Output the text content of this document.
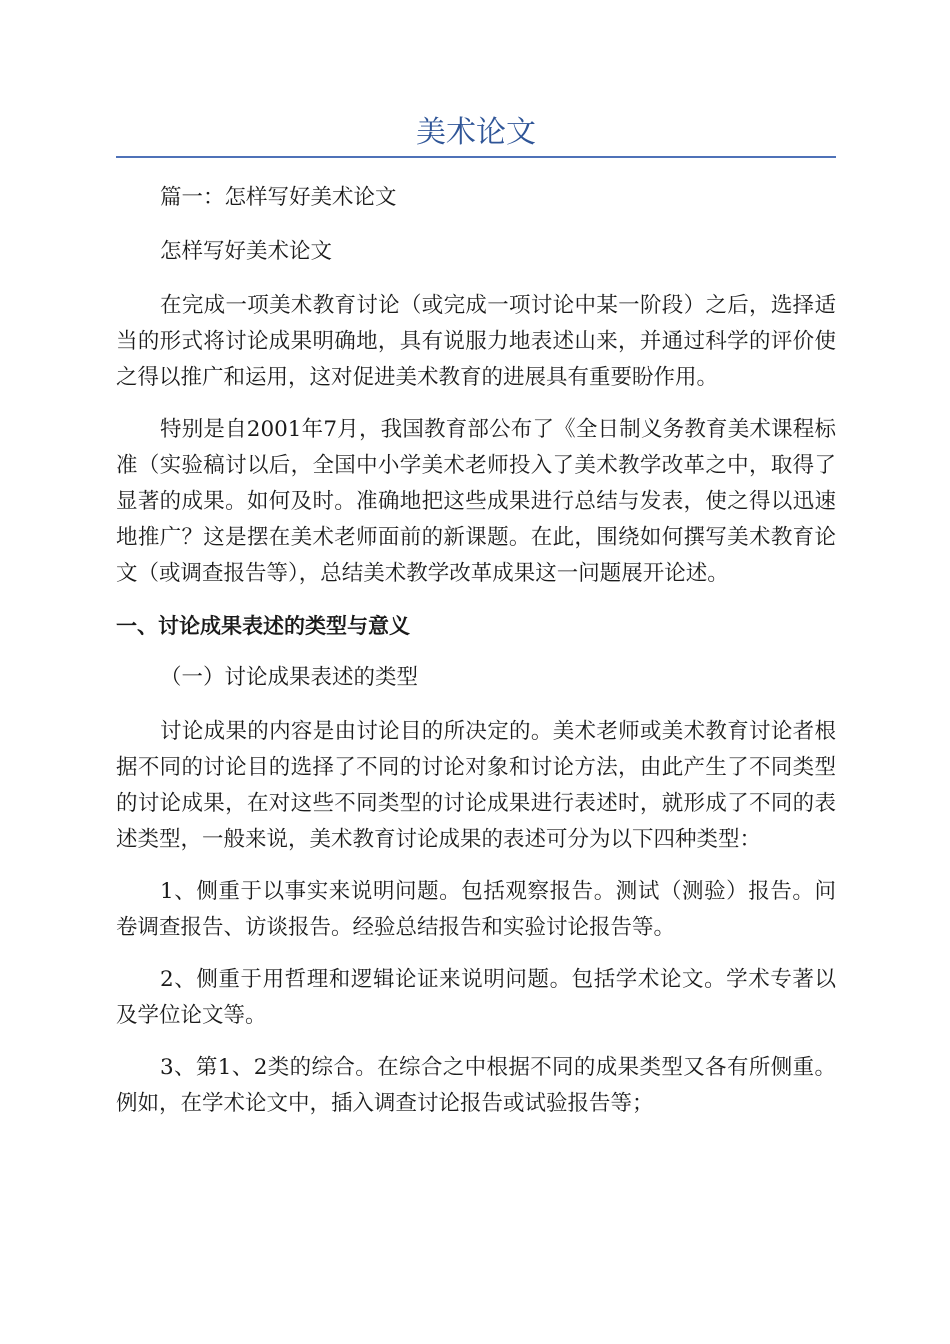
美术论文

篇一：怎样写好美术论文

怎样写好美术论文

在完成一项美术教育讨论（或完成一项讨论中某一阶段）之后，选择适当的形式将讨论成果明确地，具有说服力地表述山来，并通过科学的评价使之得以推广和运用，这对促进美术教育的进展具有重要盼作用。

特别是自2001年7月，我国教育部公布了《全日制义务教育美术课程标准（实验稿讨以后，全国中小学美术老师投入了美术教学改革之中，取得了显著的成果。如何及时。准确地把这些成果进行总结与发表，使之得以迅速地推广？这是摆在美术老师面前的新课题。在此，围绕如何撰写美术教育论文（或调查报告等），总结美术教学改革成果这一问题展开论述。

一、讨论成果表述的类型与意义

（一）讨论成果表述的类型

讨论成果的内容是由讨论目的所决定的。美术老师或美术教育讨论者根据不同的讨论目的选择了不同的讨论对象和讨论方法，由此产生了不同类型的讨论成果，在对这些不同类型的讨论成果进行表述时，就形成了不同的表述类型，一般来说，美术教育讨论成果的表述可分为以下四种类型：

1、侧重于以事实来说明问题。包括观察报告。测试（测验）报告。问卷调查报告、访谈报告。经验总结报告和实验讨论报告等。

2、侧重于用哲理和逻辑论证来说明问题。包括学术论文。学术专著以及学位论文等。

3、第1、2类的综合。在综合之中根据不同的成果类型又各有所侧重。例如，在学术论文中，插入调查讨论报告或试验报告等；
